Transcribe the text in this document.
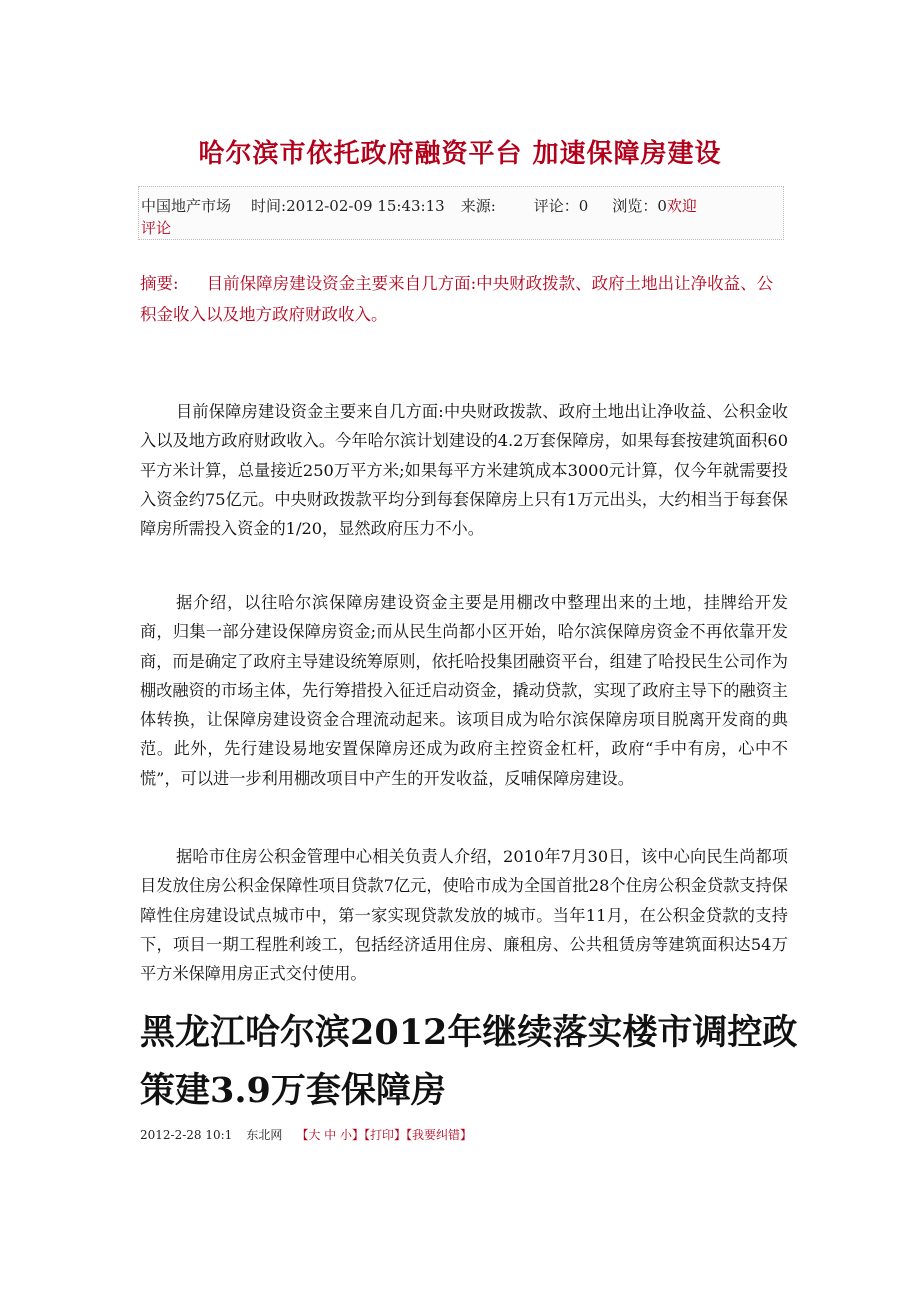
哈尔滨市依托政府融资平台 加速保障房建设
中国地产市场 时间:2012-02-09 15:43:13 来源:	评论：0 浏览：0欢迎
评论
摘要: 目前保障房建设资金主要来自几方面:中央财政拨款、政府土地出让净收益、公积金收入以及地方政府财政收入。

目前保障房建设资金主要来自几方面:中央财政拨款、政府土地出让净收益、公积金收入以及地方政府财政收入。今年哈尔滨计划建设的4.2万套保障房，如果每套按建筑面积60平方米计算，总量接近250万平方米;如果每平方米建筑成本3000元计算，仅今年就需要投入资金约75亿元。中央财政拨款平均分到每套保障房上只有1万元出头，大约相当于每套保障房所需投入资金的1/20，显然政府压力不小。

据介绍，以往哈尔滨保障房建设资金主要是用棚改中整理出来的土地，挂牌给开发商，归集一部分建设保障房资金;而从民生尚都小区开始，哈尔滨保障房资金不再依靠开发商，而是确定了政府主导建设统筹原则，依托哈投集团融资平台，组建了哈投民生公司作为棚改融资的市场主体，先行筹措投入征迁启动资金，撬动贷款，实现了政府主导下的融资主体转换，让保障房建设资金合理流动起来。该项目成为哈尔滨保障房项目脱离开发商的典范。此外，先行建设易地安置保障房还成为政府主控资金杠杆，政府“手中有房，心中不慌”，可以进一步利用棚改项目中产生的开发收益，反哺保障房建设。

据哈市住房公积金管理中心相关负责人介绍，2010年7月30日，该中心向民生尚都项目发放住房公积金保障性项目贷款7亿元，使哈市成为全国首批28个住房公积金贷款支持保障性住房建设试点城市中，第一家实现贷款发放的城市。当年11月，在公积金贷款的支持下，项目一期工程胜利竣工，包括经济适用住房、廉租房、公共租赁房等建筑面积达54万平方米保障用房正式交付使用。

黑龙江哈尔滨2012年继续落实楼市调控政策建3.9万套保障房
2012-2-28 10:1 东北网 【大 中 小】【打印】【我要纠错】
